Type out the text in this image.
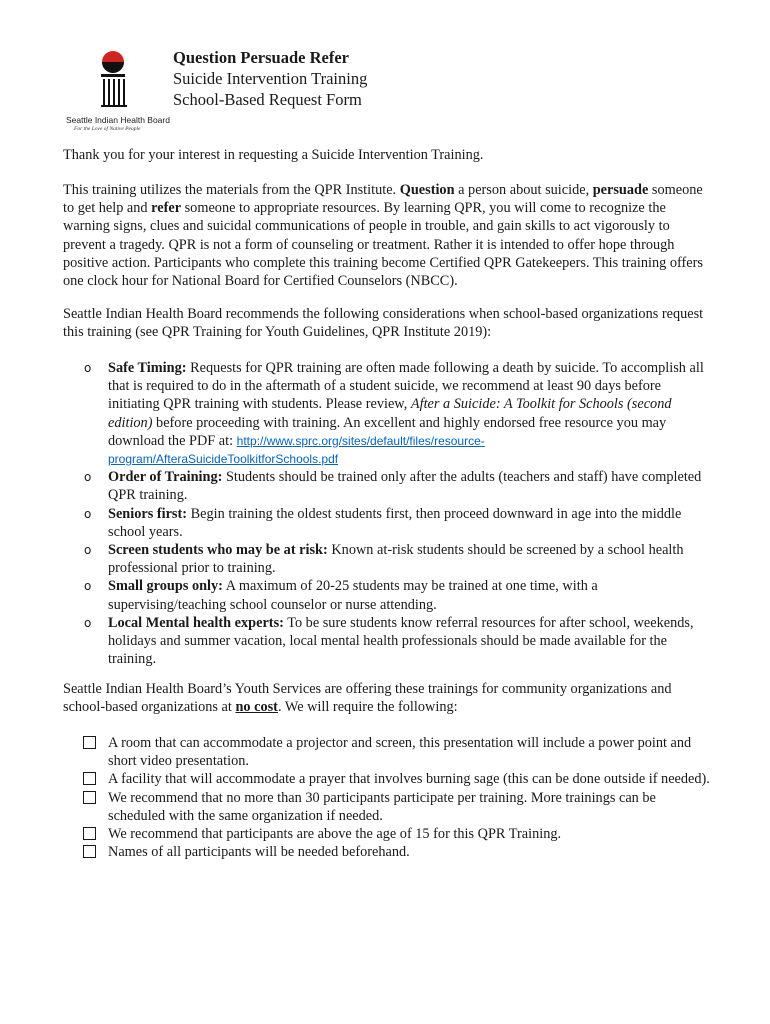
Seattle Indian Health Board
For the Love of Native People
Question Persuade Refer
Suicide Intervention Training
School-Based Request Form

Thank you for your interest in requesting a Suicide Intervention Training.

This training utilizes the materials from the QPR Institute. Question a person about suicide, persuade someone to get help and refer someone to appropriate resources. By learning QPR, you will come to recognize the warning signs, clues and suicidal communications of people in trouble, and gain skills to act vigorously to prevent a tragedy. QPR is not a form of counseling or treatment. Rather it is intended to offer hope through positive action. Participants who complete this training become Certified QPR Gatekeepers. This training offers one clock hour for National Board for Certified Counselors (NBCC).

Seattle Indian Health Board recommends the following considerations when school-based organizations request this training (see QPR Training for Youth Guidelines, QPR Institute 2019):

o Safe Timing: Requests for QPR training are often made following a death by suicide. To accomplish all that is required to do in the aftermath of a student suicide, we recommend at least 90 days before initiating QPR training with students. Please review, After a Suicide: A Toolkit for Schools (second edition) before proceeding with training. An excellent and highly endorsed free resource you may download the PDF at: http://www.sprc.org/sites/default/files/resource-program/AfteraSuicideToolkitforSchools.pdf
o Order of Training: Students should be trained only after the adults (teachers and staff) have completed QPR training.
o Seniors first: Begin training the oldest students first, then proceed downward in age into the middle school years.
o Screen students who may be at risk: Known at-risk students should be screened by a school health professional prior to training.
o Small groups only: A maximum of 20-25 students may be trained at one time, with a supervising/teaching school counselor or nurse attending.
o Local Mental health experts: To be sure students know referral resources for after school, weekends, holidays and summer vacation, local mental health professionals should be made available for the training.

Seattle Indian Health Board’s Youth Services are offering these trainings for community organizations and school-based organizations at no cost. We will require the following:

A room that can accommodate a projector and screen, this presentation will include a power point and short video presentation.
A facility that will accommodate a prayer that involves burning sage (this can be done outside if needed).
We recommend that no more than 30 participants participate per training. More trainings can be scheduled with the same organization if needed.
We recommend that participants are above the age of 15 for this QPR Training.
Names of all participants will be needed beforehand.
